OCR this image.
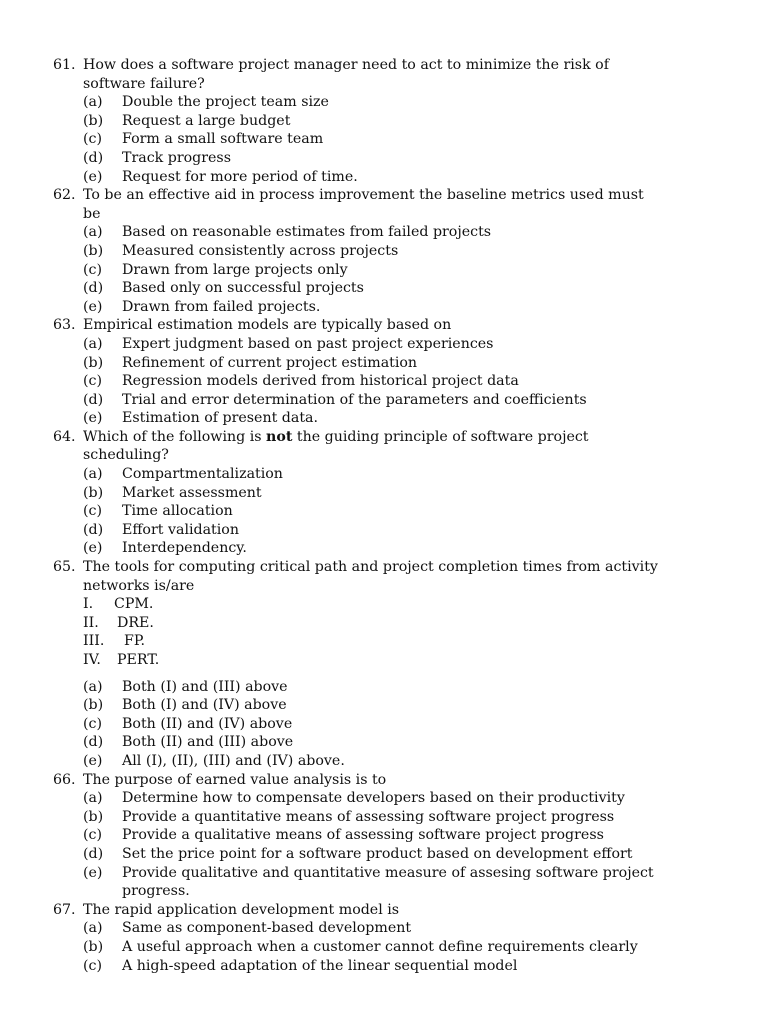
61. How does a software project manager need to act to minimize the risk of
software failure?
(a) Double the project team size
(b) Request a large budget
(c) Form a small software team
(d) Track progress
(e) Request for more period of time.
62. To be an effective aid in process improvement the baseline metrics used must
be
(a) Based on reasonable estimates from failed projects
(b) Measured consistently across projects
(c) Drawn from large projects only
(d) Based only on successful projects
(e) Drawn from failed projects.
63. Empirical estimation models are typically based on
(a) Expert judgment based on past project experiences
(b) Refinement of current project estimation
(c) Regression models derived from historical project data
(d) Trial and error determination of the parameters and coefficients
(e) Estimation of present data.
64. Which of the following is not the guiding principle of software project
scheduling?
(a) Compartmentalization
(b) Market assessment
(c) Time allocation
(d) Effort validation
(e) Interdependency.
65. The tools for computing critical path and project completion times from activity
networks is/are
I. CPM.
II. DRE.
III. FP.
IV. PERT.
(a) Both (I) and (III) above
(b) Both (I) and (IV) above
(c) Both (II) and (IV) above
(d) Both (II) and (III) above
(e) All (I), (II), (III) and (IV) above.
66. The purpose of earned value analysis is to
(a) Determine how to compensate developers based on their productivity
(b) Provide a quantitative means of assessing software project progress
(c) Provide a qualitative means of assessing software project progress
(d) Set the price point for a software product based on development effort
(e) Provide qualitative and quantitative measure of assesing software project
progress.
67. The rapid application development model is
(a) Same as component-based development
(b) A useful approach when a customer cannot define requirements clearly
(c) A high-speed adaptation of the linear sequential model
